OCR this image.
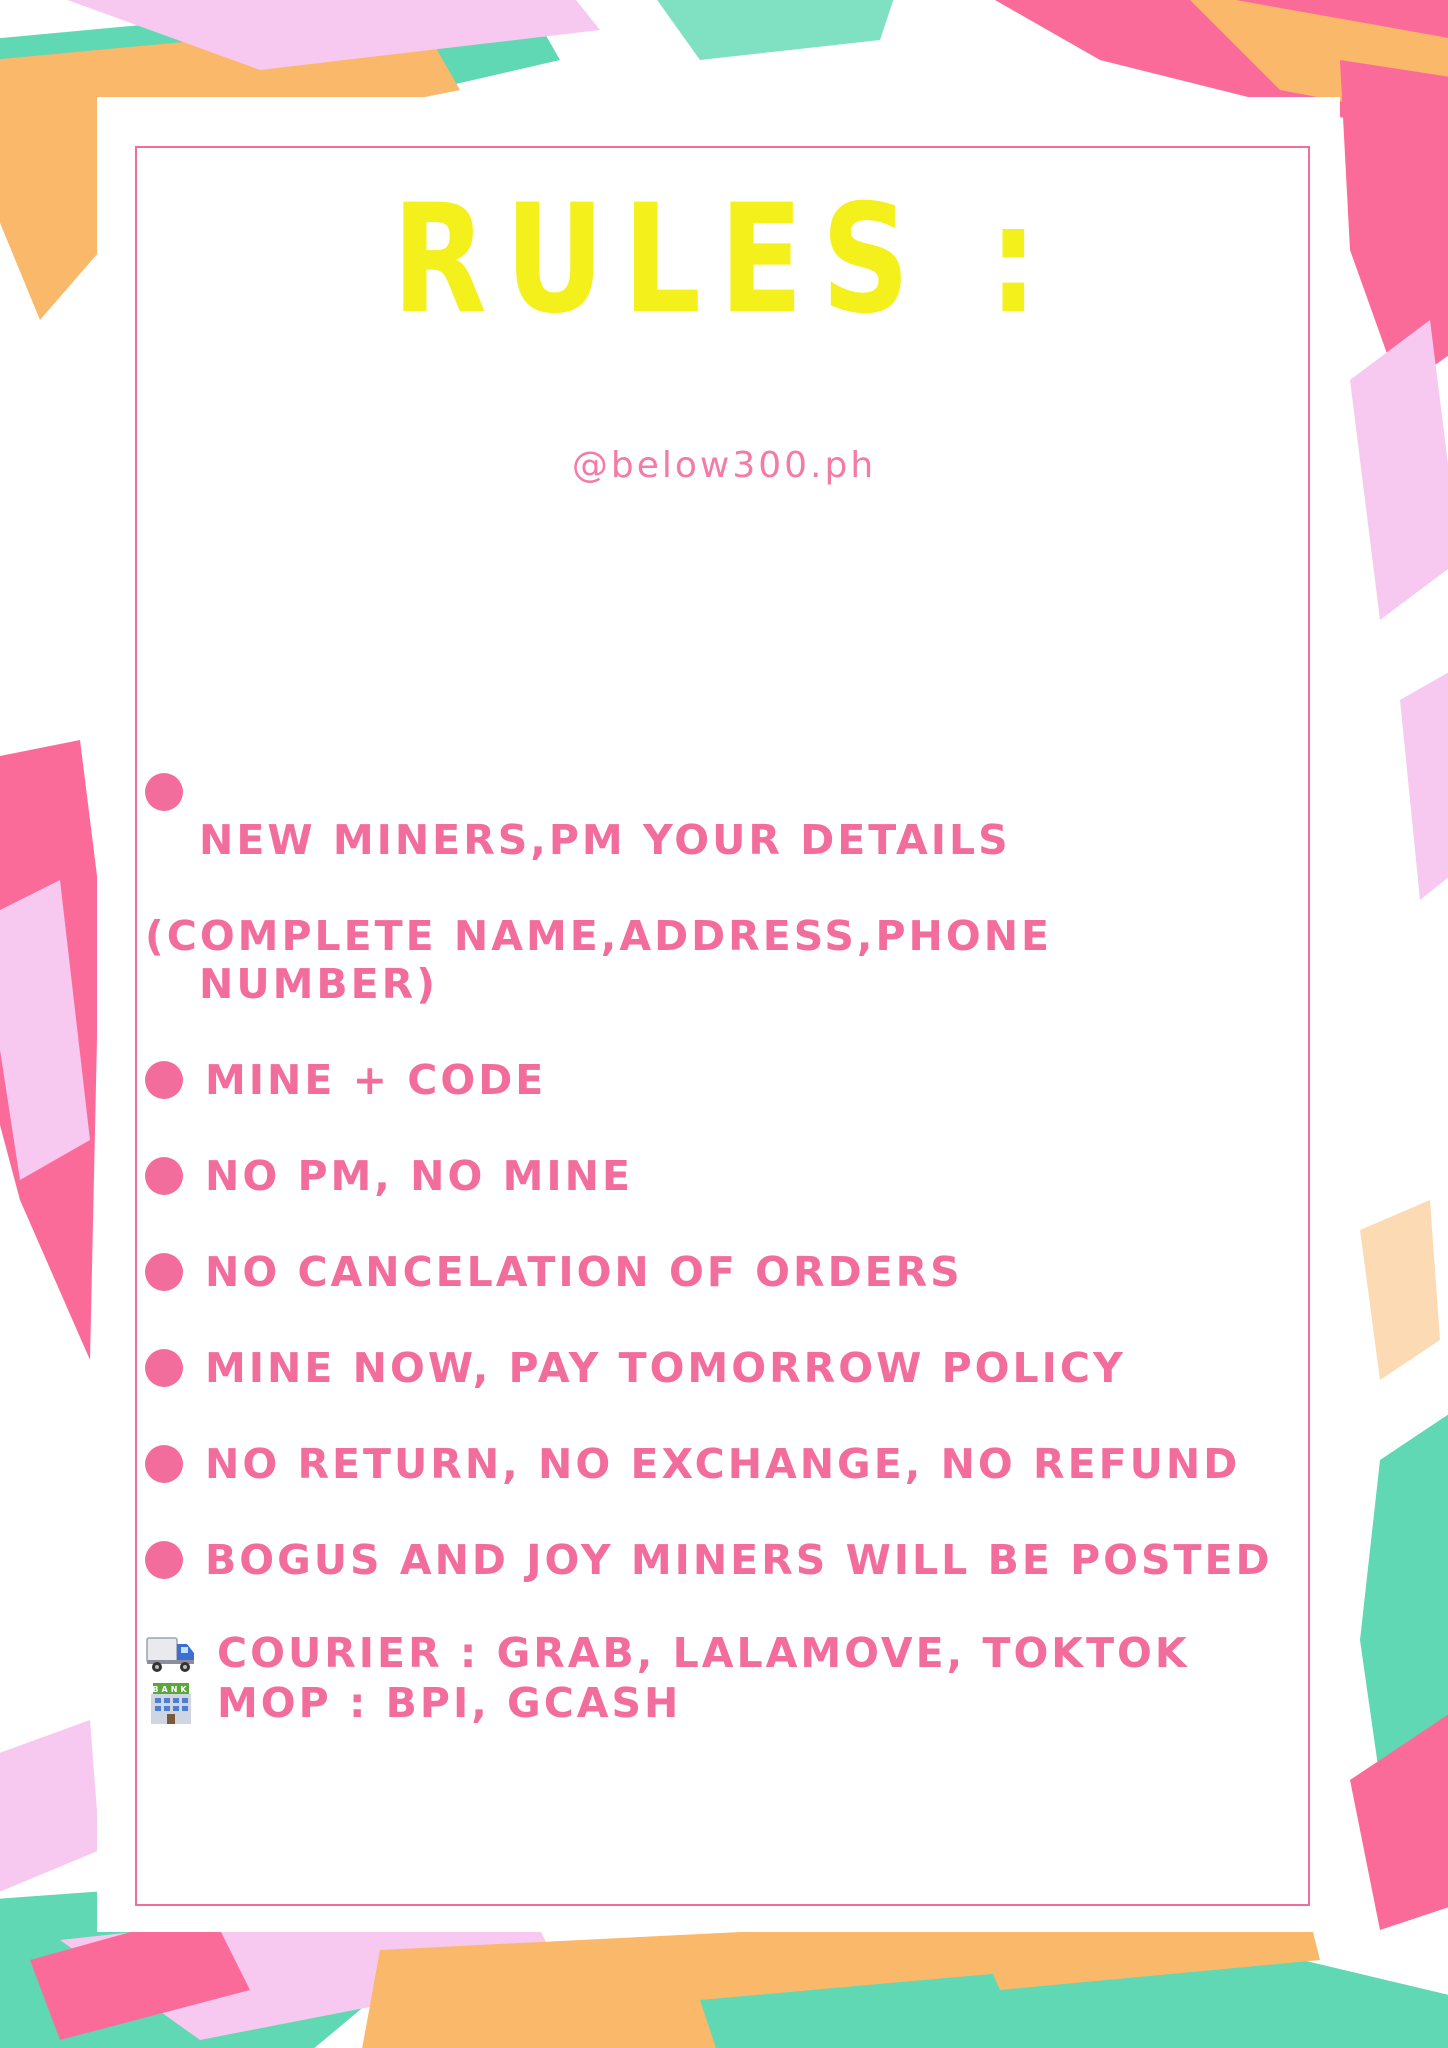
RULES :
@below300.ph

NEW MINERS,PM YOUR DETAILS

(COMPLETE NAME,ADDRESS,PHONE NUMBER)

MINE + CODE
NO PM, NO MINE
NO CANCELATION OF ORDERS
MINE NOW, PAY TOMORROW POLICY
NO RETURN, NO EXCHANGE, NO REFUND
BOGUS AND JOY MINERS WILL BE POSTED
COURIER : GRAB, LALAMOVE, TOKTOK
BANK MOP : BPI, GCASH
